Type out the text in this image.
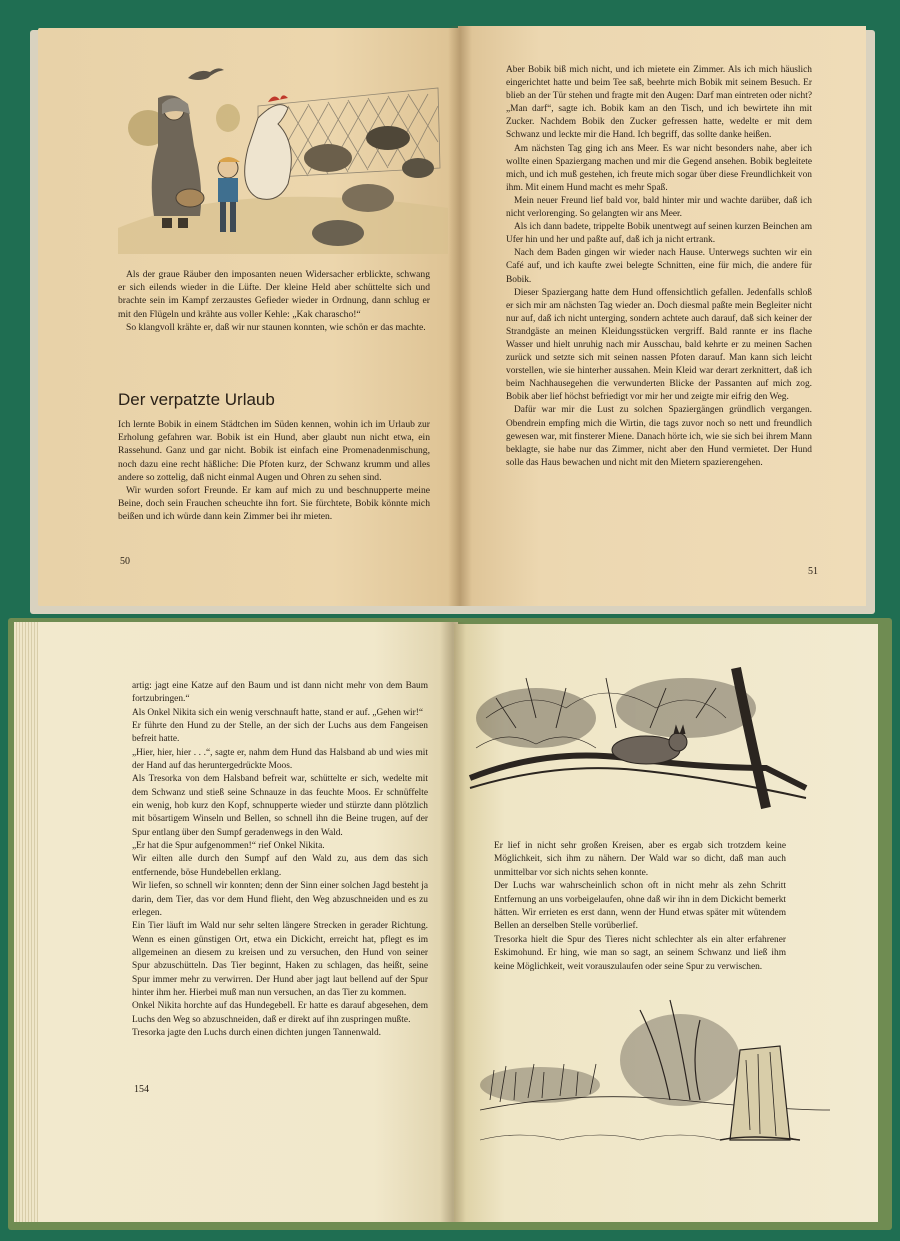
Als der graue Räuber den imposanten neuen Widersacher erblickte, schwang er sich eilends wieder in die Lüfte. Der kleine Held aber schüttelte sich und brachte sein im Kampf zerzaustes Gefieder wieder in Ordnung, dann schlug er mit den Flügeln und krähte aus voller Kehle: „Kak charascho!“

So klangvoll krähte er, daß wir nur staunen konnten, wie schön er das machte.

Der verpatzte Urlaub

Ich lernte Bobik in einem Städtchen im Süden kennen, wohin ich im Urlaub zur Erholung gefahren war. Bobik ist ein Hund, aber glaubt nun nicht etwa, ein Rassehund. Ganz und gar nicht. Bobik ist einfach eine Promenadenmischung, noch dazu eine recht häßliche: Die Pfoten kurz, der Schwanz krumm und alles andere so zottelig, daß nicht einmal Augen und Ohren zu sehen sind.

Wir wurden sofort Freunde. Er kam auf mich zu und beschnupperte meine Beine, doch sein Frauchen scheuchte ihn fort. Sie fürchtete, Bobik könnte mich beißen und ich würde dann kein Zimmer bei ihr mieten.

50

Aber Bobik biß mich nicht, und ich mietete ein Zimmer. Als ich mich häuslich eingerichtet hatte und beim Tee saß, beehrte mich Bobik mit seinem Besuch. Er blieb an der Tür stehen und fragte mit den Augen: Darf man eintreten oder nicht? „Man darf“, sagte ich. Bobik kam an den Tisch, und ich bewirtete ihn mit Zucker. Nachdem Bobik den Zucker gefressen hatte, wedelte er mit dem Schwanz und leckte mir die Hand. Ich begriff, das sollte danke heißen.

Am nächsten Tag ging ich ans Meer. Es war nicht besonders nahe, aber ich wollte einen Spaziergang machen und mir die Gegend ansehen. Bobik begleitete mich, und ich muß gestehen, ich freute mich sogar über diese Freundlichkeit von ihm. Mit einem Hund macht es mehr Spaß.

Mein neuer Freund lief bald vor, bald hinter mir und wachte darüber, daß ich nicht verlorenging. So gelangten wir ans Meer.

Als ich dann badete, trippelte Bobik unentwegt auf seinen kurzen Beinchen am Ufer hin und her und paßte auf, daß ich ja nicht ertrank.

Nach dem Baden gingen wir wieder nach Hause. Unterwegs suchten wir ein Café auf, und ich kaufte zwei belegte Schnitten, eine für mich, die andere für Bobik.

Dieser Spaziergang hatte dem Hund offensichtlich gefallen. Jedenfalls schloß er sich mir am nächsten Tag wieder an. Doch diesmal paßte mein Begleiter nicht nur auf, daß ich nicht unterging, sondern achtete auch darauf, daß sich keiner der Strandgäste an meinen Kleidungsstücken vergriff. Bald rannte er ins flache Wasser und hielt unruhig nach mir Ausschau, bald kehrte er zu meinen Sachen zurück und setzte sich mit seinen nassen Pfoten darauf. Man kann sich leicht vorstellen, wie sie hinterher aussahen. Mein Kleid war derart zerknittert, daß ich beim Nachhausegehen die verwunderten Blicke der Passanten auf mich zog. Bobik aber lief höchst befriedigt vor mir her und zeigte mir eifrig den Weg.

Dafür war mir die Lust zu solchen Spaziergängen gründlich vergangen. Obendrein empfing mich die Wirtin, die tags zuvor noch so nett und freundlich gewesen war, mit finsterer Miene. Danach hörte ich, wie sie sich bei ihrem Mann beklagte, sie habe nur das Zimmer, nicht aber den Hund vermietet. Der Hund solle das Haus bewachen und nicht mit den Mietern spazierengehen.

51

artig: jagt eine Katze auf den Baum und ist dann nicht mehr von dem Baum fortzubringen.“

Als Onkel Nikita sich ein wenig verschnauft hatte, stand er auf. „Gehen wir!“

Er führte den Hund zu der Stelle, an der sich der Luchs aus dem Fangeisen befreit hatte.

„Hier, hier, hier . . .“, sagte er, nahm dem Hund das Halsband ab und wies mit der Hand auf das heruntergedrückte Moos.

Als Tresorka von dem Halsband befreit war, schüttelte er sich, wedelte mit dem Schwanz und stieß seine Schnauze in das feuchte Moos. Er schnüffelte ein wenig, hob kurz den Kopf, schnupperte wieder und stürzte dann plötzlich mit bösartigem Winseln und Bellen, so schnell ihn die Beine trugen, auf der Spur entlang über den Sumpf geradenwegs in den Wald.

„Er hat die Spur aufgenommen!“ rief Onkel Nikita.

Wir eilten alle durch den Sumpf auf den Wald zu, aus dem das sich entfernende, böse Hundebellen erklang.

Wir liefen, so schnell wir konnten; denn der Sinn einer solchen Jagd besteht ja darin, dem Tier, das vor dem Hund flieht, den Weg abzuschneiden und es zu erlegen.

Ein Tier läuft im Wald nur sehr selten längere Strecken in gerader Richtung. Wenn es einen günstigen Ort, etwa ein Dickicht, erreicht hat, pflegt es im allgemeinen an diesem zu kreisen und zu versuchen, den Hund von seiner Spur abzuschütteln. Das Tier beginnt, Haken zu schlagen, das heißt, seine Spur immer mehr zu verwirren. Der Hund aber jagt laut bellend auf der Spur hinter ihm her. Hierbei muß man nun versuchen, an das Tier zu kommen.

Onkel Nikita horchte auf das Hundegebell. Er hatte es darauf abgesehen, dem Luchs den Weg so abzuschneiden, daß er direkt auf ihn zuspringen mußte.

Tresorka jagte den Luchs durch einen dichten jungen Tannenwald.

154

Er lief in nicht sehr großen Kreisen, aber es ergab sich trotzdem keine Möglichkeit, sich ihm zu nähern. Der Wald war so dicht, daß man auch unmittelbar vor sich nichts sehen konnte.

Der Luchs war wahrscheinlich schon oft in nicht mehr als zehn Schritt Entfernung an uns vorbeigelaufen, ohne daß wir ihn in dem Dickicht bemerkt hätten. Wir errieten es erst dann, wenn der Hund etwas später mit wütendem Bellen an derselben Stelle vorüberlief.

Tresorka hielt die Spur des Tieres nicht schlechter als ein alter erfahrener Eskimohund. Er hing, wie man so sagt, an seinem Schwanz und ließ ihm keine Möglichkeit, weit vorauszulaufen oder seine Spur zu verwischen.
